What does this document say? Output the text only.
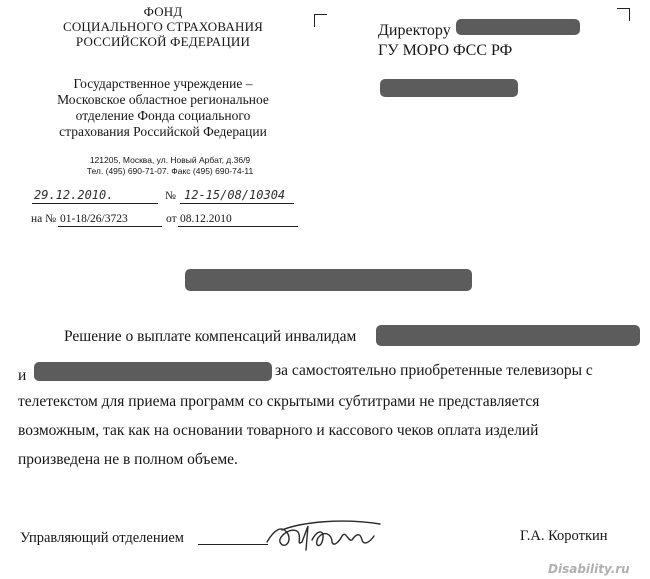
ФОНД
СОЦИАЛЬНОГО СТРАХОВАНИЯ
РОССИЙСКОЙ ФЕДЕРАЦИИ
Государственное учреждение –
Московское областное региональное
отделение Фонда социального
страхования Российской Федерации
121205, Москва, ул. Новый Арбат, д.36/9
Тел. (495) 690-71-07. Факс (495) 690-74-11
29.12.2010.	№ 12-15/08/10304
на № 01-18/26/3723	от 08.12.2010
Директору
ГУ МОРО ФСС РФ
Решение о выплате компенсаций инвалидам
и	за самостоятельно приобретенные телевизоры с
телетекстом для приема программ со скрытыми субтитрами не представляется
возможным, так как на основании товарного и кассового чеков оплата изделий
произведена не в полном объеме.
Управляющий отделением	Г.А. Короткин
Disability.ru
